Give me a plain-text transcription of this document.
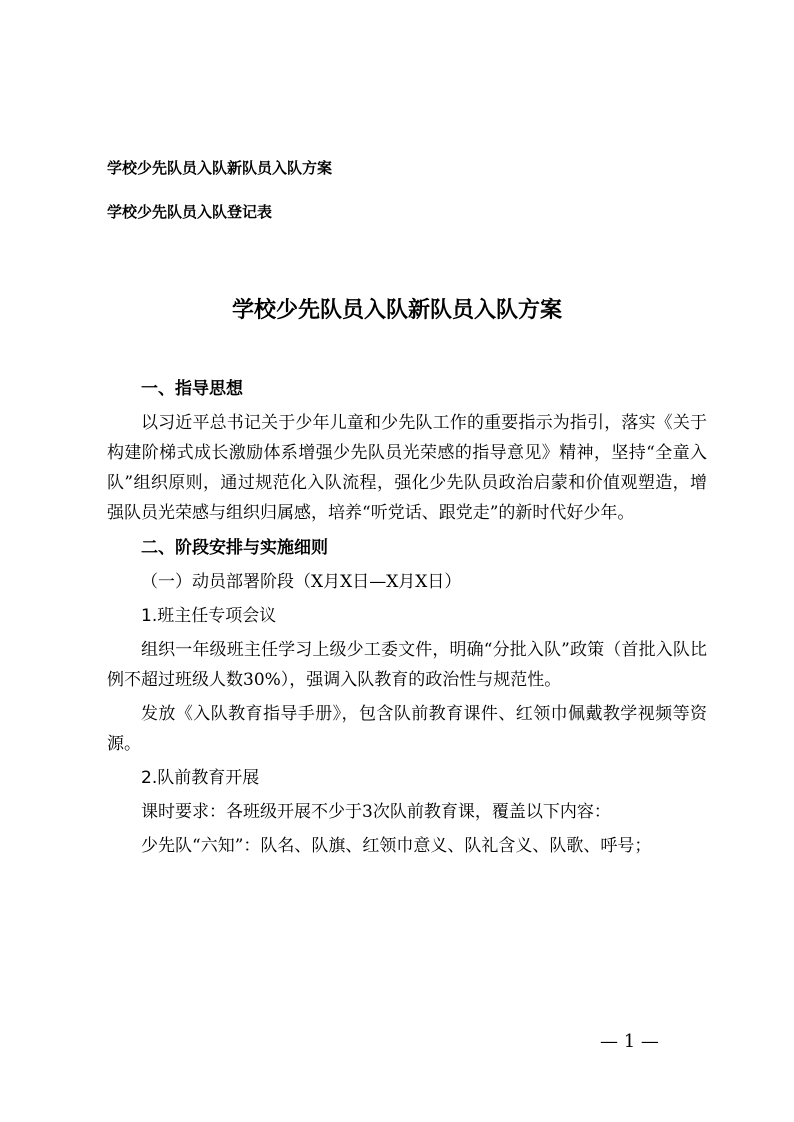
学校少先队员入队新队员入队方案
学校少先队员入队登记表
学校少先队员入队新队员入队方案

一、指导思想

以习近平总书记关于少年儿童和少先队工作的重要指示为指引，落实《关于构建阶梯式成长激励体系增强少先队员光荣感的指导意见》精神，坚持“全童入队”组织原则，通过规范化入队流程，强化少先队员政治启蒙和价值观塑造，增强队员光荣感与组织归属感，培养“听党话、跟党走”的新时代好少年。

二、阶段安排与实施细则

（一）动员部署阶段（X月X日—X月X日）

1.班主任专项会议

组织一年级班主任学习上级少工委文件，明确“分批入队”政策（首批入队比例不超过班级人数30%），强调入队教育的政治性与规范性。

发放《入队教育指导手册》，包含队前教育课件、红领巾佩戴教学视频等资源。

2.队前教育开展

课时要求：各班级开展不少于3次队前教育课，覆盖以下内容：

少先队“六知”：队名、队旗、红领巾意义、队礼含义、队歌、呼号；

— 1 —
